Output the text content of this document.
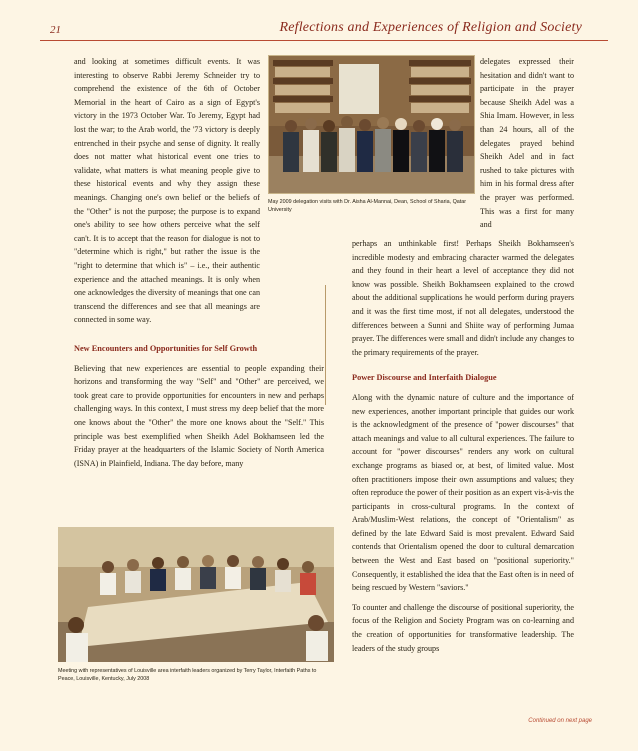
21	Reflections and Experiences of Religion and Society
May 2009 delegation visits with Dr. Aisha Al-Mannai, Dean, School of Sharia, Qatar University

and looking at sometimes difficult events. It was interesting to observe Rabbi Jeremy Schneider try to comprehend the existence of the 6th of October Memorial in the heart of Cairo as a sign of Egypt's victory in the 1973 October War. To Jeremy, Egypt had lost the war; to the Arab world, the '73 victory is deeply entrenched in their psyche and sense of dignity. It really does not matter what historical event one tries to validate, what matters is what meaning people give to these historical events and why they assign these meanings. Changing one's own belief or the beliefs of the "Other" is not the purpose; the purpose is to expand one's ability to see how others perceive what the self can't. It is to accept that the reason for dialogue is not to "determine which is right," but rather the issue is the "right to determine that which is" – i.e., their authentic experience and the attached meanings. It is only when one acknowledges the diversity of meanings that one can transcend the differences and see that all meanings are connected in some way.

New Encounters and Opportunities for Self Growth

Believing that new experiences are essential to people expanding their horizons and transforming the way "Self" and "Other" are perceived, we took great care to provide opportunities for encounters in new and perhaps challenging ways. In this context, I must stress my deep belief that the more one knows about the "Other" the more one knows about the "Self." This principle was best exemplified when Sheikh Adel Bokhamseen led the Friday prayer at the headquarters of the Islamic Society of North America (ISNA) in Plainfield, Indiana. The day before, many

delegates expressed their hesitation and didn't want to participate in the prayer because Sheikh Adel was a Shia Imam. However, in less than 24 hours, all of the delegates prayed behind Sheikh Adel and in fact rushed to take pictures with him in his formal dress after the prayer was performed. This was a first for many and

perhaps an unthinkable first! Perhaps Sheikh Bokhamseen's incredible modesty and embracing character warmed the delegates and they found in their heart a level of acceptance they did not know was possible. Sheikh Bokhamseen explained to the crowd about the additional supplications he would perform during prayers and it was the first time most, if not all delegates, understood the differences between a Sunni and Shiite way of performing Jumaa prayer. The differences were small and didn't include any changes to the primary requirements of the prayer.

Power Discourse and Interfaith Dialogue

Along with the dynamic nature of culture and the importance of new experiences, another important principle that guides our work is the acknowledgment of the presence of "power discourses" that attach meanings and value to all cultural experiences. The failure to account for "power discourses" renders any work on cultural exchange programs as biased or, at best, of limited value. Most often practitioners impose their own assumptions and values; they often reproduce the power of their position as an expert vis-à-vis the participants in cross-cultural programs. In the context of Arab/Muslim-West relations, the concept of "Orientalism" as defined by the late Edward Said is most prevalent. Edward Said contends that Orientalism opened the door to cultural demarcation between the West and East based on "positional superiority." Consequently, it established the idea that the East often is in need of being rescued by Western "saviors."

To counter and challenge the discourse of positional superiority, the focus of the Religion and Society Program was on co-learning and the creation of opportunities for transformative leadership. The leaders of the study groups

Meeting with representatives of Louisville area interfaith leaders organized by Terry Taylor, Interfaith Paths to Peace, Louisville, Kentucky, July 2008
Continued on next page
